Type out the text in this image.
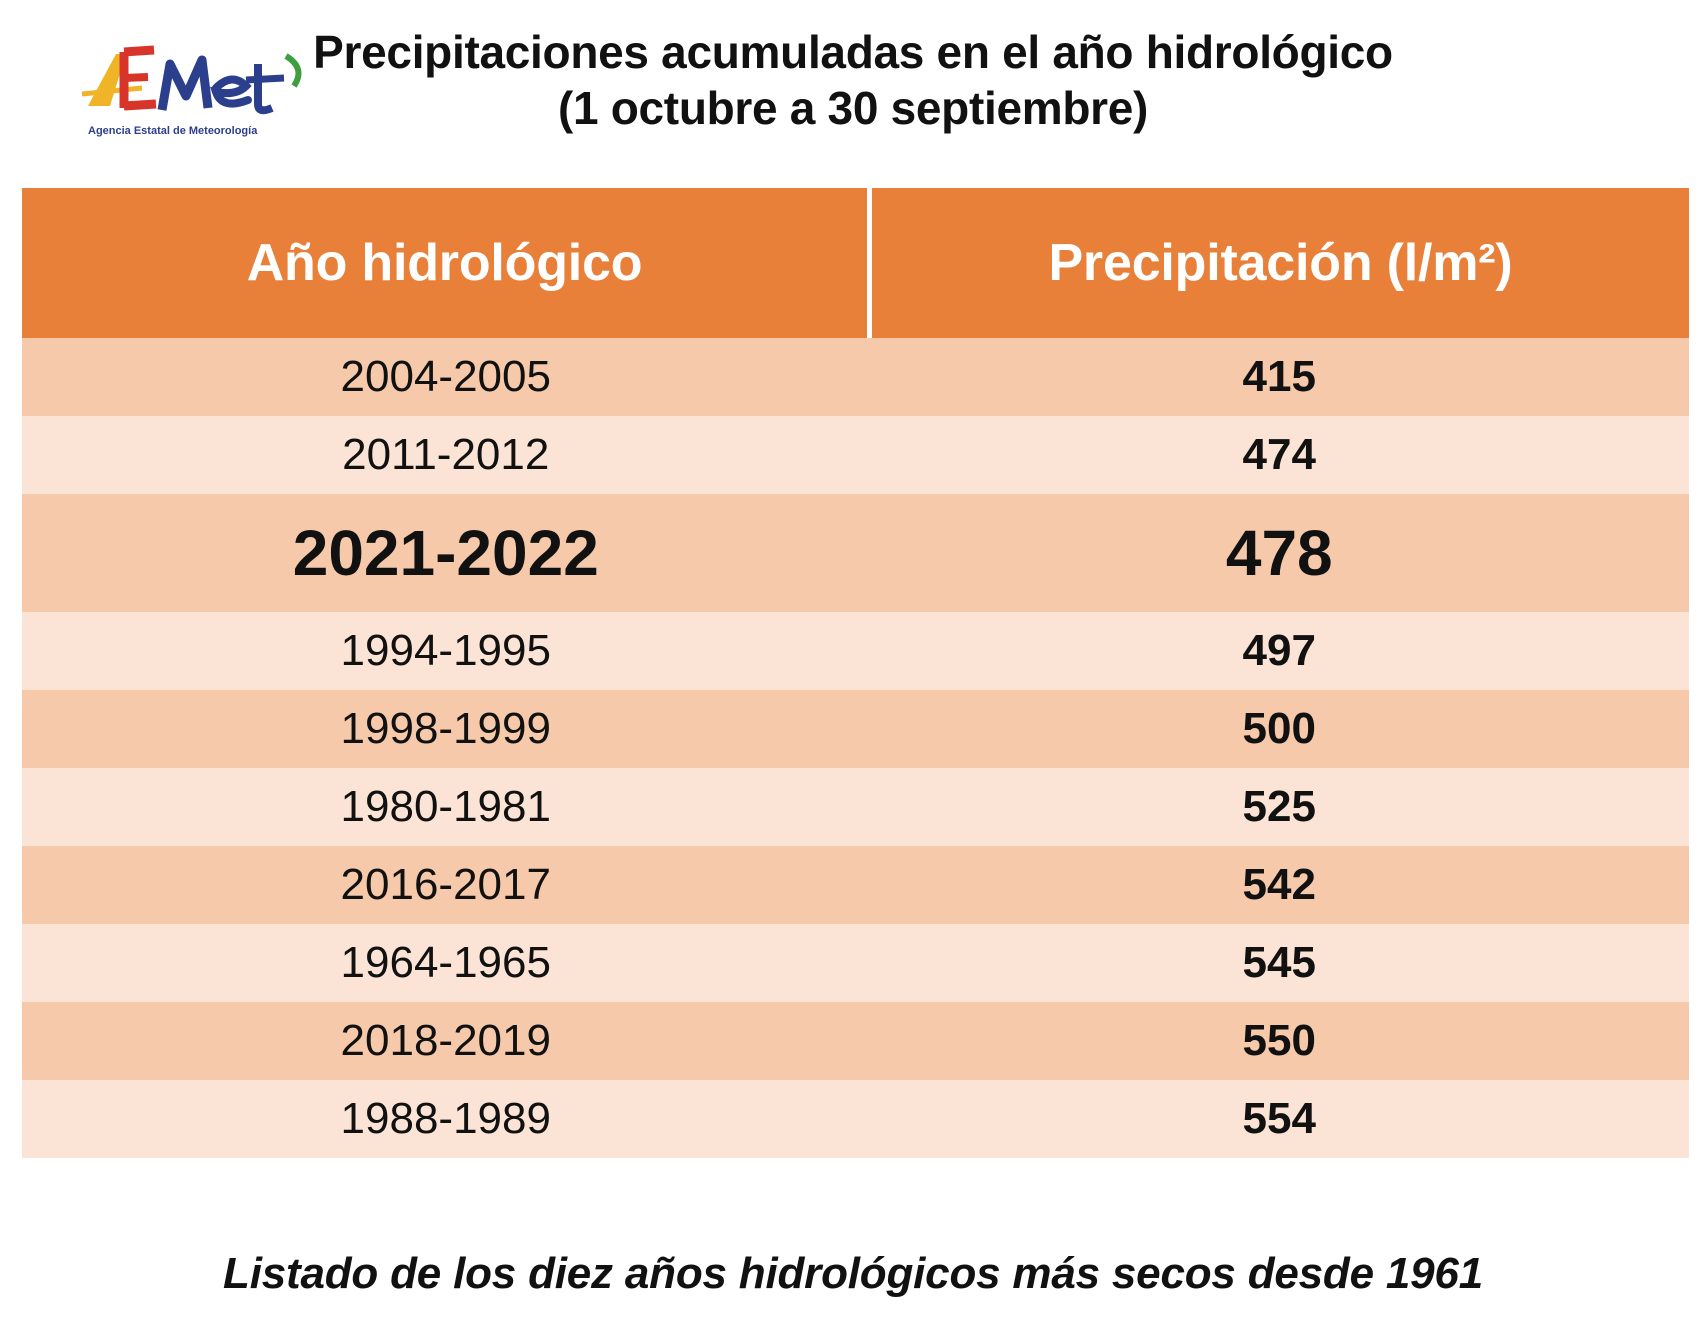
Agencia Estatal de Meteorología
Precipitaciones acumuladas en el año hidrológico
(1 octubre a 30 septiembre)
Año hidrológico	Precipitación (l/m²)
2004-2005	415
2011-2012	474
2021-2022	478
1994-1995	497
1998-1999	500
1980-1981	525
2016-2017	542
1964-1965	545
2018-2019	550
1988-1989	554
Listado de los diez años hidrológicos más secos desde 1961
